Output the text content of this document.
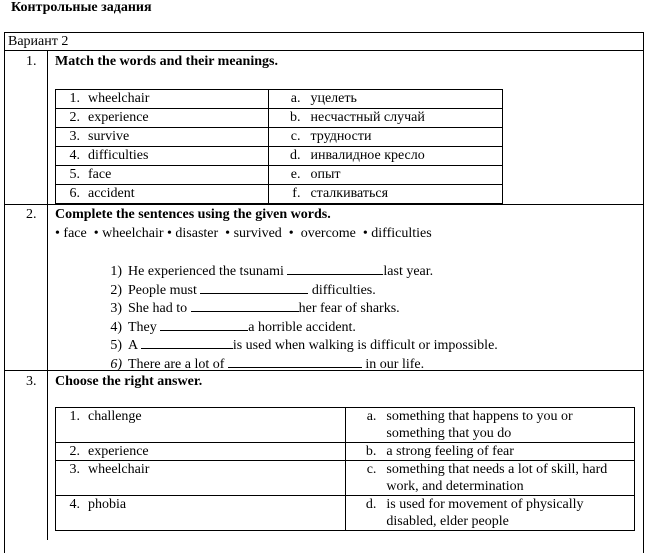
Контрольные задания
Вариант 2
1. Match the words and their meanings.
1. wheelchair	a. уцелеть
2. experience	b. несчастный случай
3. survive	c. трудности
4. difficulties	d. инвалидное кресло
5. face	e. опыт
6. accident	f. сталкиваться
2. Complete the sentences using the given words.
• face  • wheelchair • disaster  • survived  •  overcome  • difficulties
1) He experienced the tsunami	last year.
2) People must	difficulties.
3) She had to	her fear of sharks.
4) They	a horrible accident.
5) A	is used when walking is difficult or impossible.
6) There are a lot of	in our life.
3. Choose the right answer.
1. challenge	a. something that happens to you or something that you do

2. experience	b. a strong feeling of fear

3. wheelchair	c. something that needs a lot of skill, hard work, and determination

4. phobia	d. is used for movement of physically disabled, elder people
